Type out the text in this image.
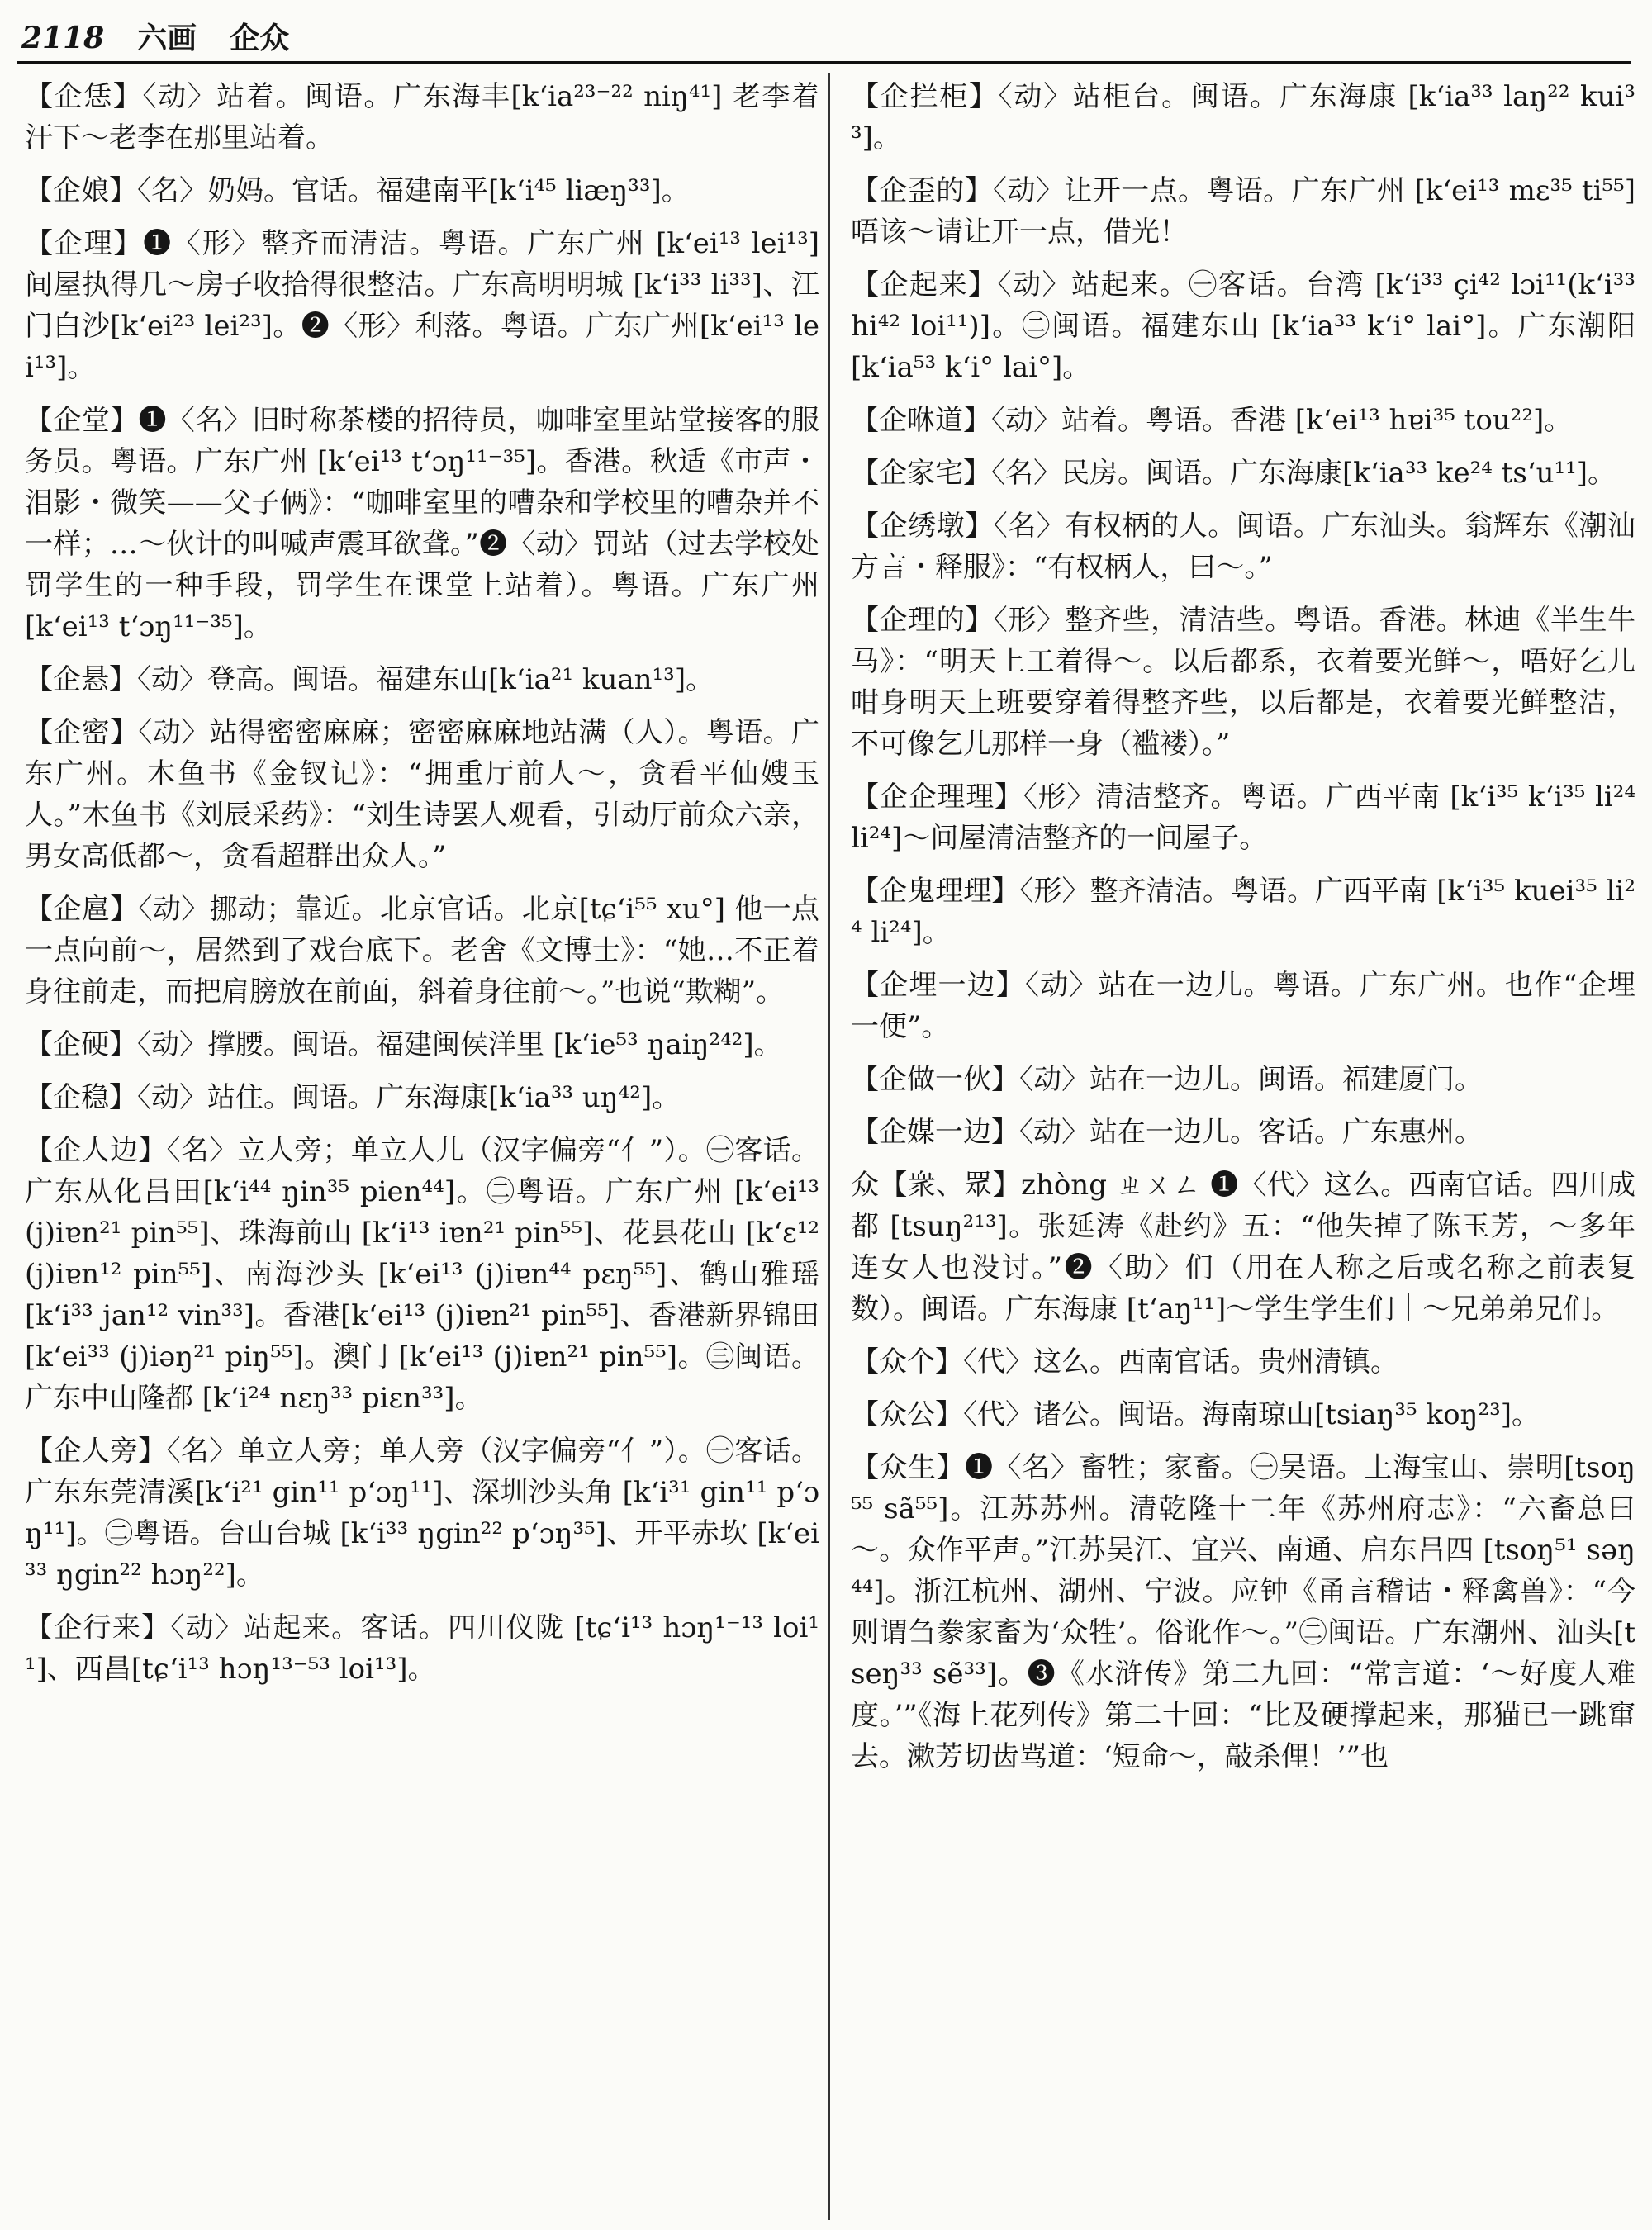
2118 六画 企众

【企恁】〈动〉站着。闽语。广东海丰[k‘ia²³⁻²² niŋ⁴¹] 老李着汗下～老李在那里站着。

【企娘】〈名〉奶妈。官话。福建南平[k‘i⁴⁵ liæŋ³³]。

【企理】❶〈形〉整齐而清洁。粤语。广东广州 [k‘ei¹³ lei¹³] 间屋执得几～房子收拾得很整洁。广东高明明城 [k‘i³³ li³³]、江门白沙[k‘ei²³ lei²³]。❷〈形〉利落。粤语。广东广州[k‘ei¹³ lei¹³]。

【企堂】❶〈名〉旧时称茶楼的招待员，咖啡室里站堂接客的服务员。粤语。广东广州 [k‘ei¹³ t‘ɔŋ¹¹⁻³⁵]。香港。秋适《市声・泪影・微笑——父子俩》：“咖啡室里的嘈杂和学校里的嘈杂并不一样；…～伙计的叫喊声震耳欲聋。”❷〈动〉罚站（过去学校处罚学生的一种手段，罚学生在课堂上站着）。粤语。广东广州[k‘ei¹³ t‘ɔŋ¹¹⁻³⁵]。

【企悬】〈动〉登高。闽语。福建东山[k‘ia²¹ kuan¹³]。

【企密】〈动〉站得密密麻麻；密密麻麻地站满（人）。粤语。广东广州。木鱼书《金钗记》：“拥重厅前人～，贪看平仙嫂玉人。”木鱼书《刘辰采药》：“刘生诗罢人观看，引动厅前众六亲，男女高低都～，贪看超群出众人。”

【企扈】〈动〉挪动；靠近。北京官话。北京[tɕ‘i⁵⁵ xu°] 他一点一点向前～，居然到了戏台底下。老舍《文博士》：“她…不正着身往前走，而把肩膀放在前面，斜着身往前～。”也说“欺糊”。

【企硬】〈动〉撑腰。闽语。福建闽侯洋里 [k‘ie⁵³ ŋaiŋ²⁴²]。

【企稳】〈动〉站住。闽语。广东海康[k‘ia³³ uŋ⁴²]。

【企人边】〈名〉立人旁；单立人儿（汉字偏旁“亻”）。㊀客话。广东从化吕田[k‘i⁴⁴ ŋin³⁵ pien⁴⁴]。㊁粤语。广东广州 [k‘ei¹³ (j)iɐn²¹ pin⁵⁵]、珠海前山 [k‘i¹³ iɐn²¹ pin⁵⁵]、花县花山 [k‘ɛ¹² (j)iɐn¹² pin⁵⁵]、南海沙头 [k‘ei¹³ (j)iɐn⁴⁴ pɛŋ⁵⁵]、鹤山雅瑶 [k‘i³³ jan¹² vin³³]。香港[k‘ei¹³ (j)iɐn²¹ pin⁵⁵]、香港新界锦田[k‘ei³³ (j)iəŋ²¹ piŋ⁵⁵]。澳门 [k‘ei¹³ (j)iɐn²¹ pin⁵⁵]。㊂闽语。广东中山隆都 [k‘i²⁴ nɛŋ³³ piɛn³³]。

【企人旁】〈名〉单立人旁；单人旁（汉字偏旁“亻”）。㊀客话。广东东莞清溪[k‘i²¹ gin¹¹ p‘ɔŋ¹¹]、深圳沙头角 [k‘i³¹ gin¹¹ p‘ɔŋ¹¹]。㊁粤语。台山台城 [k‘i³³ ŋgin²² p‘ɔŋ³⁵]、开平赤坎 [k‘ei³³ ŋgin²² hɔŋ²²]。

【企行来】〈动〉站起来。客话。四川仪陇 [tɕ‘i¹³ hɔŋ¹⁻¹³ loi¹¹]、西昌[tɕ‘i¹³ hɔŋ¹³⁻⁵³ loi¹³]。

【企拦柜】〈动〉站柜台。闽语。广东海康 [k‘ia³³ laŋ²² kui³³]。

【企歪的】〈动〉让开一点。粤语。广东广州 [k‘ei¹³ mɛ³⁵ ti⁵⁵]唔该～请让开一点，借光！

【企起来】〈动〉站起来。㊀客话。台湾 [k‘i³³ çi⁴² lɔi¹¹(k‘i³³ hi⁴² loi¹¹)]。㊁闽语。福建东山 [k‘ia³³ k‘i° lai°]。广东潮阳[k‘ia⁵³ k‘i° lai°]。

【企咻道】〈动〉站着。粤语。香港 [k‘ei¹³ hɐi³⁵ tou²²]。

【企家宅】〈名〉民房。闽语。广东海康[k‘ia³³ ke²⁴ ts‘u¹¹]。

【企绣墩】〈名〉有权柄的人。闽语。广东汕头。翁辉东《潮汕方言・释服》：“有权柄人，曰～。”

【企理的】〈形〉整齐些，清洁些。粤语。香港。林迪《半生牛马》：“明天上工着得～。以后都系，衣着要光鲜～，唔好乞儿咁身明天上班要穿着得整齐些，以后都是，衣着要光鲜整洁，不可像乞儿那样一身（褴褛）。”

【企企理理】〈形〉清洁整齐。粤语。广西平南 [k‘i³⁵ k‘i³⁵ li²⁴ li²⁴]～间屋清洁整齐的一间屋子。

【企鬼理理】〈形〉整齐清洁。粤语。广西平南 [k‘i³⁵ kuei³⁵ li²⁴ li²⁴]。

【企埋一边】〈动〉站在一边儿。粤语。广东广州。也作“企埋一便”。

【企做一伙】〈动〉站在一边儿。闽语。福建厦门。

【企媒一边】〈动〉站在一边儿。客话。广东惠州。

众【衆、眾】zhòng ㄓㄨㄥ ❶〈代〉这么。西南官话。四川成都 [tsuŋ²¹³]。张延涛《赴约》五：“他失掉了陈玉芳，～多年连女人也没讨。”❷〈助〉们（用在人称之后或名称之前表复数）。闽语。广东海康 [t‘aŋ¹¹]～学生学生们｜～兄弟弟兄们。

【众个】〈代〉这么。西南官话。贵州清镇。

【众公】〈代〉诸公。闽语。海南琼山[tsiaŋ³⁵ koŋ²³]。

【众生】❶〈名〉畜牲；家畜。㊀吴语。上海宝山、崇明[tsoŋ⁵⁵ sã⁵⁵]。江苏苏州。清乾隆十二年《苏州府志》：“六畜总曰～。众作平声。”江苏吴江、宜兴、南通、启东吕四 [tsoŋ⁵¹ səŋ⁴⁴]。浙江杭州、湖州、宁波。应钟《甬言稽诂・释禽兽》：“今则谓刍豢家畜为‘众牲’。俗讹作～。”㊁闽语。广东潮州、汕头[tseŋ³³ sẽ³³]。❸《水浒传》第二九回：“常言道：‘～好度人难度。’”《海上花列传》第二十回：“比及硬撑起来，那猫已一跳窜去。漱芳切齿骂道：‘短命～，敲杀俚！’”也
